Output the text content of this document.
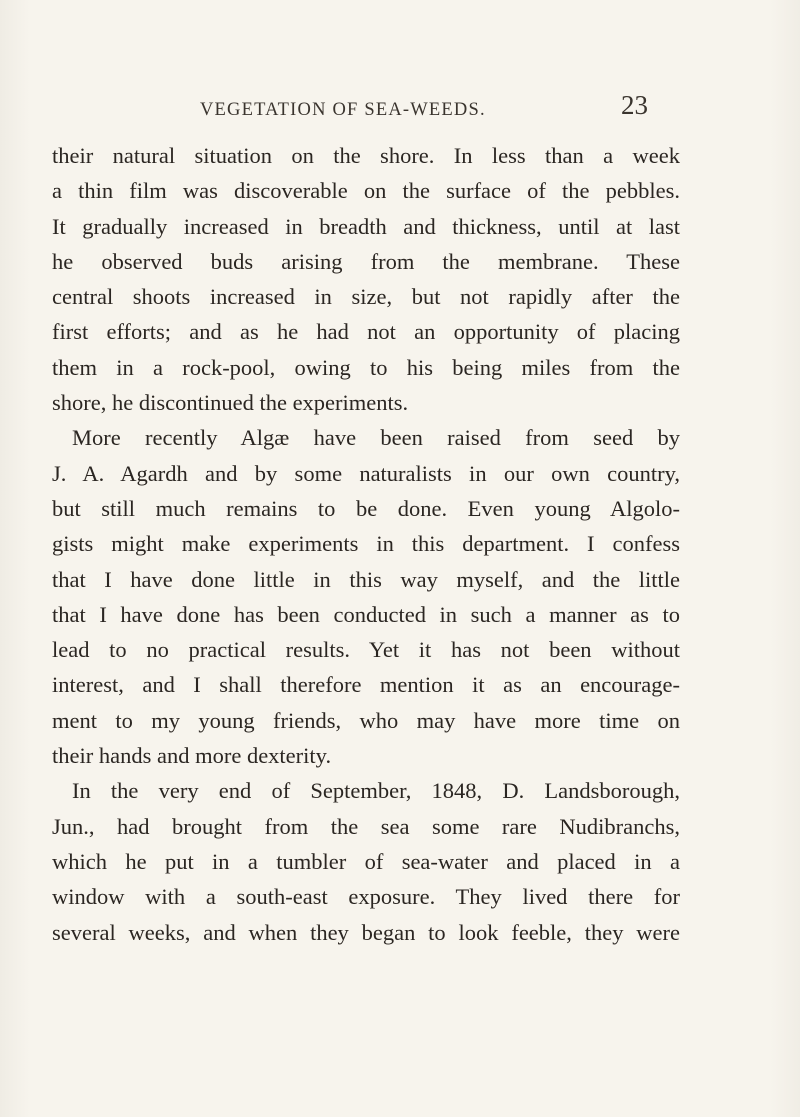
VEGETATION OF SEA-WEEDS.	23
their natural situation on the shore. In less than a week
a thin film was discoverable on the surface of the pebbles.
It gradually increased in breadth and thickness, until at last
he observed buds arising from the membrane. These
central shoots increased in size, but not rapidly after the
first efforts; and as he had not an opportunity of placing
them in a rock-pool, owing to his being miles from the
shore, he discontinued the experiments.
More recently Algæ have been raised from seed by
J. A. Agardh and by some naturalists in our own country,
but still much remains to be done. Even young Algolo-
gists might make experiments in this department. I confess
that I have done little in this way myself, and the little
that I have done has been conducted in such a manner as to
lead to no practical results. Yet it has not been without
interest, and I shall therefore mention it as an encourage-
ment to my young friends, who may have more time on
their hands and more dexterity.
In the very end of September, 1848, D. Landsborough,
Jun., had brought from the sea some rare Nudibranchs,
which he put in a tumbler of sea-water and placed in a
window with a south-east exposure. They lived there for
several weeks, and when they began to look feeble, they were
